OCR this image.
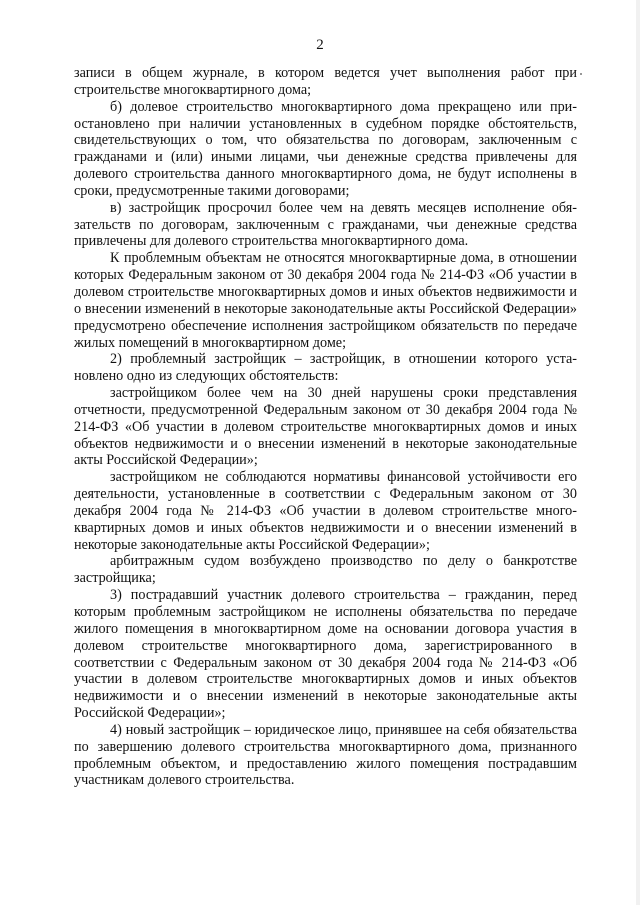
2

записи в общем журнале, в котором ведется учет выполнения работ при строительстве многоквартирного дома;

б) долевое строительство многоквартирного дома прекращено или приостановлено при наличии установленных в судебном порядке обстоятельств, свидетельствующих о том, что обязательства по договорам, заключенным с гражданами и (или) иными лицами, чьи денежные средства привлечены для долевого строительства данного многоквартирного дома, не будут исполнены в сроки, предусмотренные такими договорами;

в) застройщик просрочил более чем на девять месяцев исполнение обязательств по договорам, заключенным с гражданами, чьи денежные средства привлечены для долевого строительства многоквартирного дома.

К проблемным объектам не относятся многоквартирные дома, в отношении которых Федеральным законом от 30 декабря 2004 года № 214-ФЗ «Об участии в долевом строительстве многоквартирных домов и иных объектов недвижимости и о внесении изменений в некоторые законодательные акты Российской Федерации» предусмотрено обеспечение исполнения застройщиком обязательств по передаче жилых помещений в многоквартирном доме;

2) проблемный застройщик – застройщик, в отношении которого установлено одно из следующих обстоятельств:

застройщиком более чем на 30 дней нарушены сроки представления отчетности, предусмотренной Федеральным законом от 30 декабря 2004 года № 214-ФЗ «Об участии в долевом строительстве многоквартирных домов и иных объектов недвижимости и о внесении изменений в некоторые законодательные акты Российской Федерации»;

застройщиком не соблюдаются нормативы финансовой устойчивости его деятельности, установленные в соответствии с Федеральным законом от 30 декабря 2004 года № 214-ФЗ «Об участии в долевом строительстве многоквартирных домов и иных объектов недвижимости и о внесении изменений в некоторые законодательные акты Российской Федерации»;

арбитражным судом возбуждено производство по делу о банкротстве застройщика;

3) пострадавший участник долевого строительства – гражданин, перед которым проблемным застройщиком не исполнены обязательства по передаче жилого помещения в многоквартирном доме на основании договора участия в долевом строительстве многоквартирного дома, зарегистрированного в соответствии с Федеральным законом от 30 декабря 2004 года № 214-ФЗ «Об участии в долевом строительстве многоквартирных домов и иных объектов недвижимости и о внесении изменений в некоторые законодательные акты Российской Федерации»;

4) новый застройщик – юридическое лицо, принявшее на себя обязательства по завершению долевого строительства многоквартирного дома, признанного проблемным объектом, и предоставлению жилого помещения пострадавшим участникам долевого строительства.
